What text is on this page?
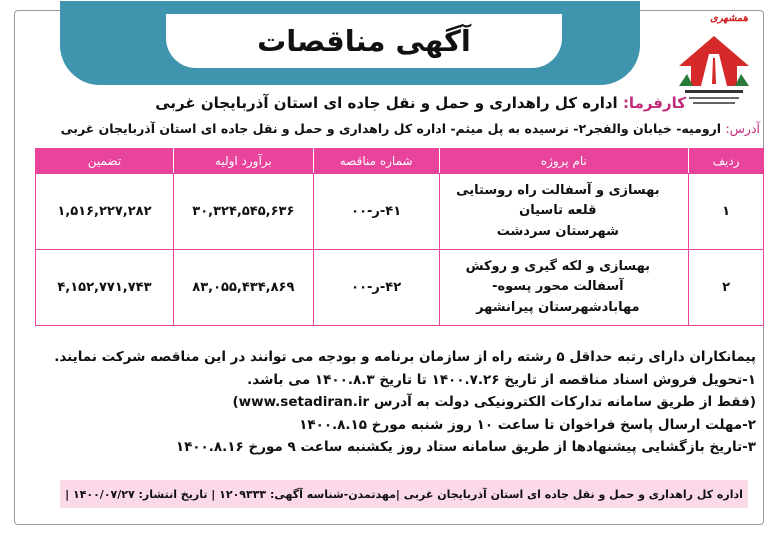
آگهی مناقصات
همشهری
کارفرما: اداره کل راهداری و حمل و نقل جاده ای استان آذربایجان غربی
آدرس: ارومیه- خیابان والفجر۲- نرسیده به پل میثم- اداره کل راهداری و حمل و نقل جاده ای استان آذربایجان غربی
ردیف	نام پروژه	شماره مناقصه	برآورد اولیه	تضمین
۱	بهسازی و آسفالت راه روستایی قلعه تاسیان
شهرستان سردشت	۴۱-ر-۰۰	۳۰,۳۲۴,۵۴۵,۶۳۶	۱,۵۱۶,۲۲۷,۲۸۲
۲	بهسازی و لکه گیری و روکش آسفالت محور پسوه-
مهابادشهرستان پیرانشهر	۴۲-ر-۰۰	۸۳,۰۵۵,۴۳۴,۸۶۹	۴,۱۵۲,۷۷۱,۷۴۳

پیمانکاران دارای رتبه حداقل ۵ رشته راه از سازمان برنامه و بودجه می توانند در این مناقصه شرکت نمایند.

۱-تحویل فروش اسناد مناقصه از تاریخ ۱۴۰۰.۷.۲۶ تا تاریخ ۱۴۰۰.۸.۳ می باشد.

(فقط از طریق سامانه تدارکات الکترونیکی دولت به آدرس www.setadiran.ir)

۲-مهلت ارسال پاسخ فراخوان تا ساعت ۱۰ روز شنبه مورخ ۱۴۰۰.۸.۱۵

۳-تاریخ بازگشایی پیشنهادها از طریق سامانه ستاد روز یکشنبه ساعت ۹ مورخ ۱۴۰۰.۸.۱۶

اداره کل راهداری و حمل و نقل جاده ای استان آذربایجان غربی |مهدتمدن-شناسه آگهی: ۱۲۰۹۳۳۳ | تاریخ انتشار: ۱۴۰۰/۰۷/۲۷ |
